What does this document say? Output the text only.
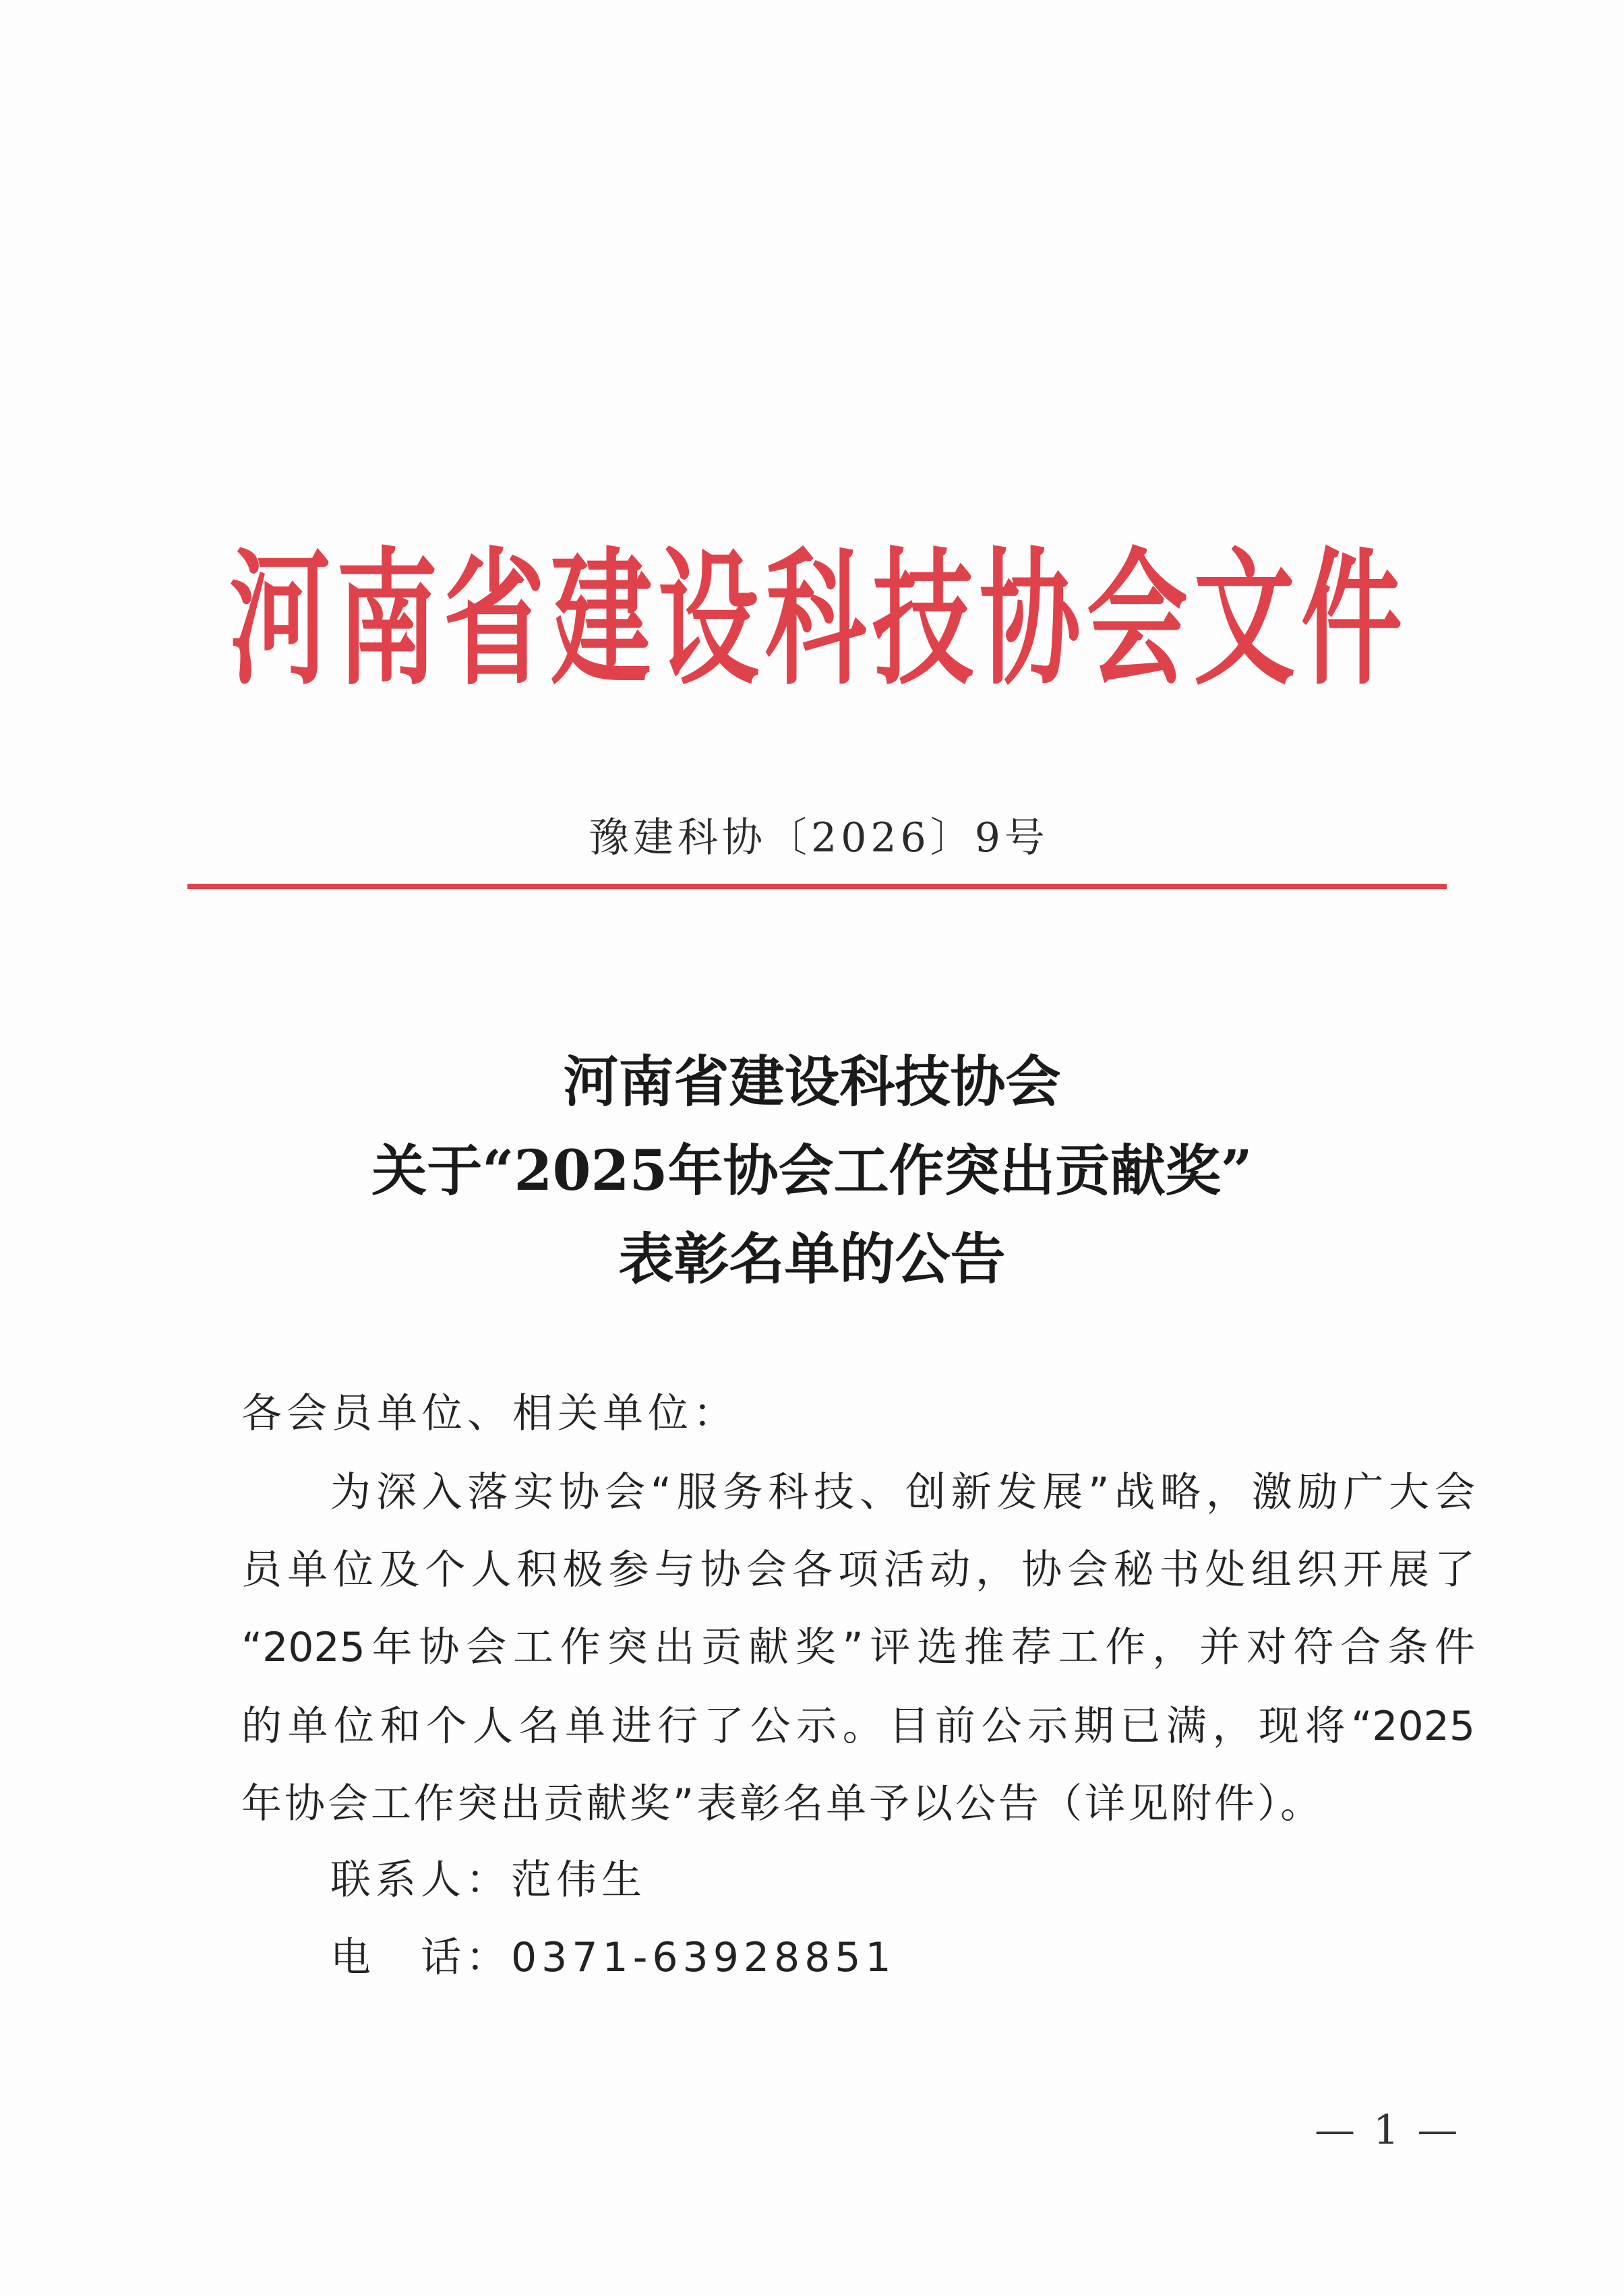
河 南 省 建 设 科 技 协 会 文 件
豫建科协〔2026〕9号
河南省建设科技协会
关于“2025年协会工作突出贡献奖”
表彰名单的公告
各会员单位、相关单位：
为深入落实协会“服务科技、创新发展”战略，激励广大会
员单位及个人积极参与协会各项活动，协会秘书处组织开展了
“2025年协会工作突出贡献奖”评选推荐工作，并对符合条件
的单位和个人名单进行了公示。目前公示期已满，现将“2025
年协会工作突出贡献奖”表彰名单予以公告（详见附件）。
联系人：范伟生
电　话：0371-63928851
— 1 —
